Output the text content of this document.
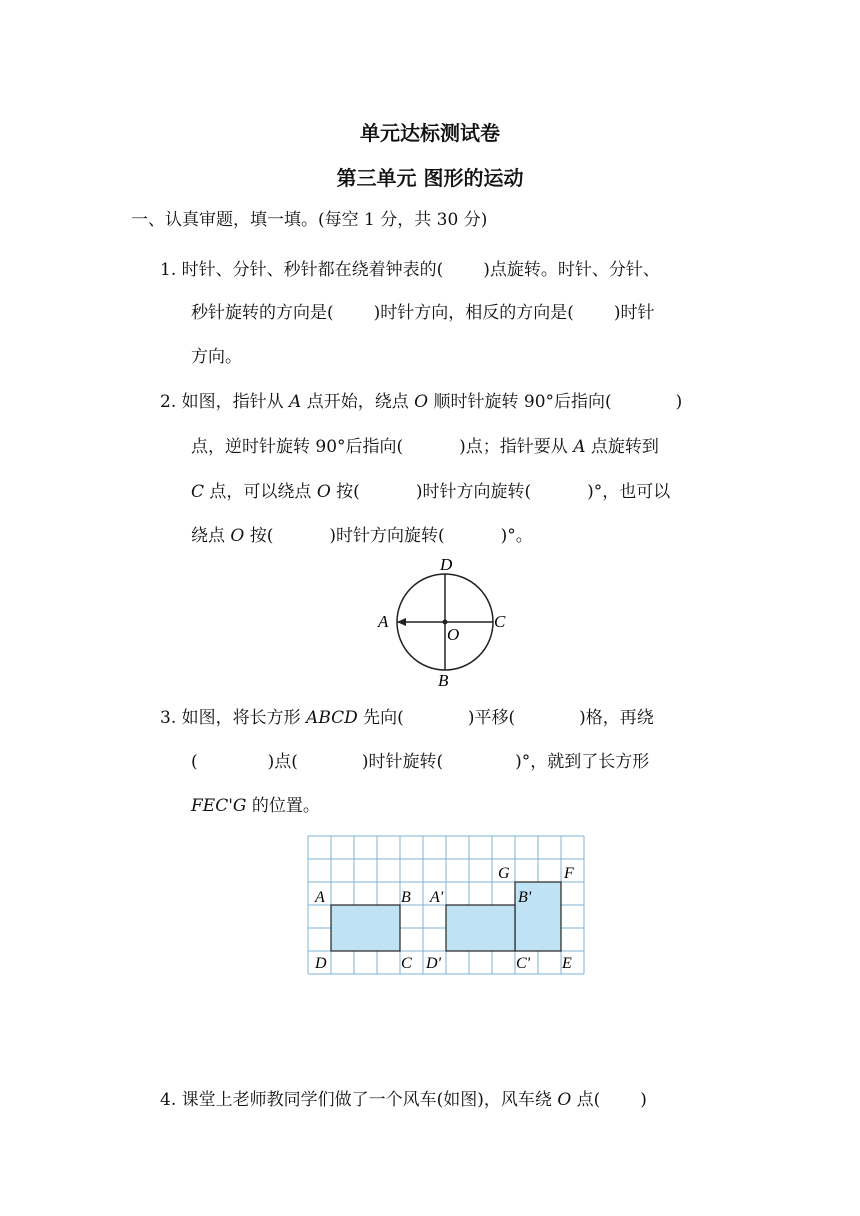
单元达标测试卷
第三单元 图形的运动
一、认真审题，填一填。(每空 1 分，共 30 分)
1. 时针、分针、秒针都在绕着钟表的( )点旋转。时针、分针、
秒针旋转的方向是( )时针方向，相反的方向是( )时针
方向。
2. 如图，指针从 A 点开始，绕点 O 顺时针旋转 90°后指向(	)
点，逆时针旋转 90°后指向(	)点；指针要从 A 点旋转到
C 点，可以绕点 O 按(	)时针方向旋转(	)°，也可以
绕点 O 按(	)时针方向旋转(	)°。
D
A	C
O
B
3. 如图，将长方形 ABCD 先向(	)平移(	)格，再绕
(	)点(	)时针旋转(	)°，就到了长方形
FEC'G 的位置。
A	B A'	B'
G	F
D	C D'	C' E
4. 课堂上老师教同学们做了一个风车(如图)，风车绕 O 点( )
